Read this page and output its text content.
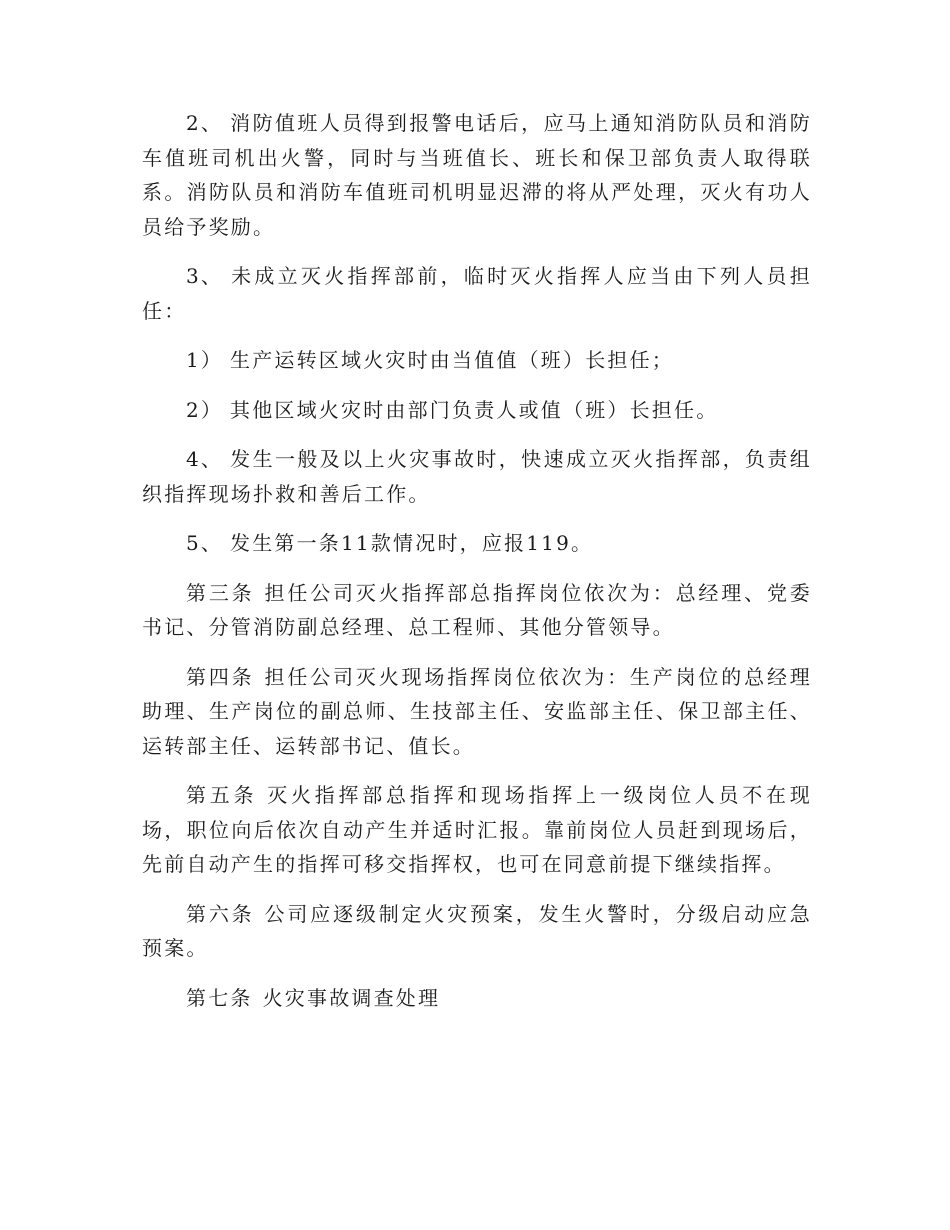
2、 消防值班人员得到报警电话后，应马上通知消防队员和消防车值班司机出火警，同时与当班值长、班长和保卫部负责人取得联系。消防队员和消防车值班司机明显迟滞的将从严处理，灭火有功人员给予奖励。

3、 未成立灭火指挥部前，临时灭火指挥人应当由下列人员担任：

1） 生产运转区域火灾时由当值值（班）长担任；

2） 其他区域火灾时由部门负责人或值（班）长担任。

4、 发生一般及以上火灾事故时，快速成立灭火指挥部，负责组织指挥现场扑救和善后工作。

5、 发生第一条11款情况时，应报119。

第三条 担任公司灭火指挥部总指挥岗位依次为：总经理、党委书记、分管消防副总经理、总工程师、其他分管领导。

第四条 担任公司灭火现场指挥岗位依次为：生产岗位的总经理助理、生产岗位的副总师、生技部主任、安监部主任、保卫部主任、运转部主任、运转部书记、值长。

第五条 灭火指挥部总指挥和现场指挥上一级岗位人员不在现场，职位向后依次自动产生并适时汇报。靠前岗位人员赶到现场后，先前自动产生的指挥可移交指挥权，也可在同意前提下继续指挥。

第六条 公司应逐级制定火灾预案，发生火警时，分级启动应急预案。

第七条 火灾事故调查处理
